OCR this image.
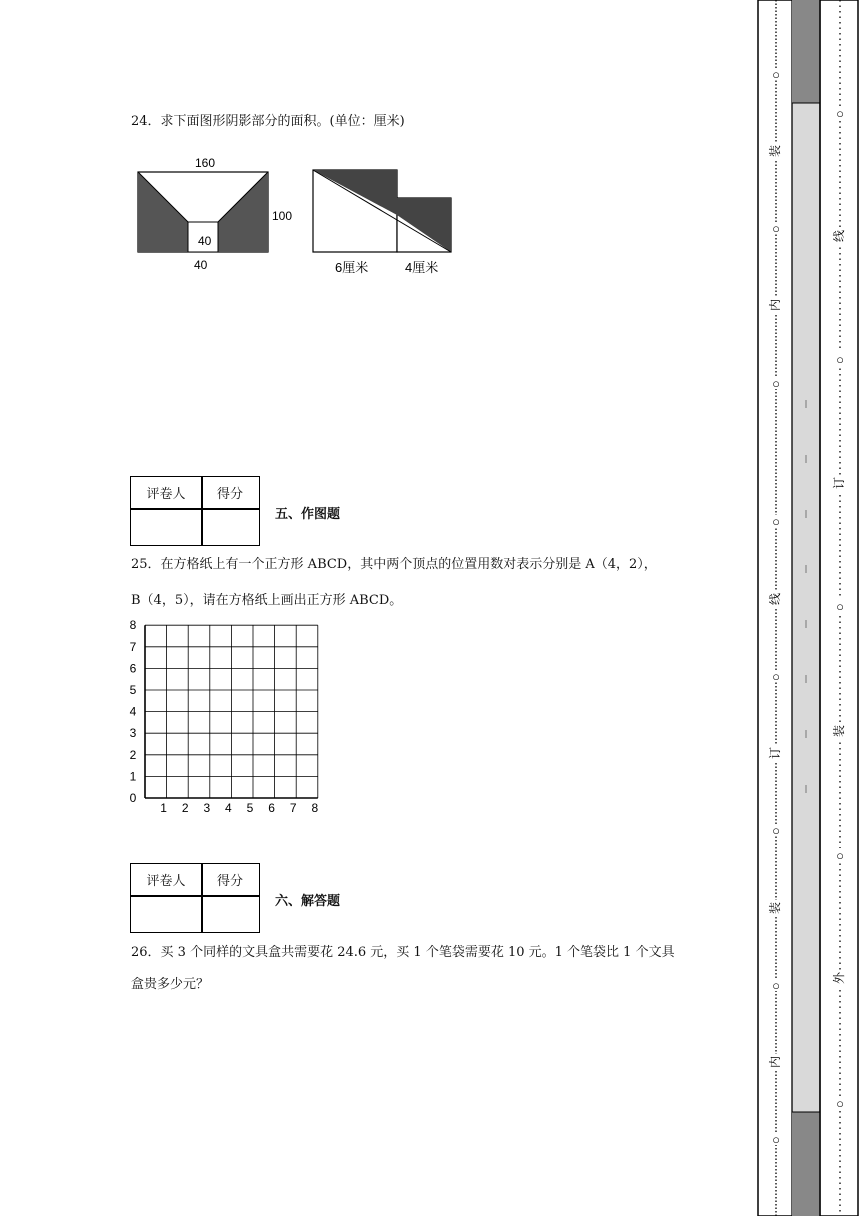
24．求下面图形阴影部分的面积。(单位：厘米)
160
100
40
40	6厘米	4厘米
评卷人	得分
五、作图题
25．在方格纸上有一个正方形 ABCD，其中两个顶点的位置用数对表示分别是 A（4，2），
B（4，5），请在方格纸上画出正方形 ABCD。
0
1
2
3
4
5
6
7
8
1 2 3 4 5 6 7 8
评卷人	得分
六、解答题
26．买 3 个同样的文具盒共需要花 24.6 元，买 1 个笔袋需要花 10 元。1 个笔袋比 1 个文具
盒贵多少元？
○
○
○
○
○
○
○
○
装
内
线
订
装
内
○
○
○
○
○
线
订
装
外
